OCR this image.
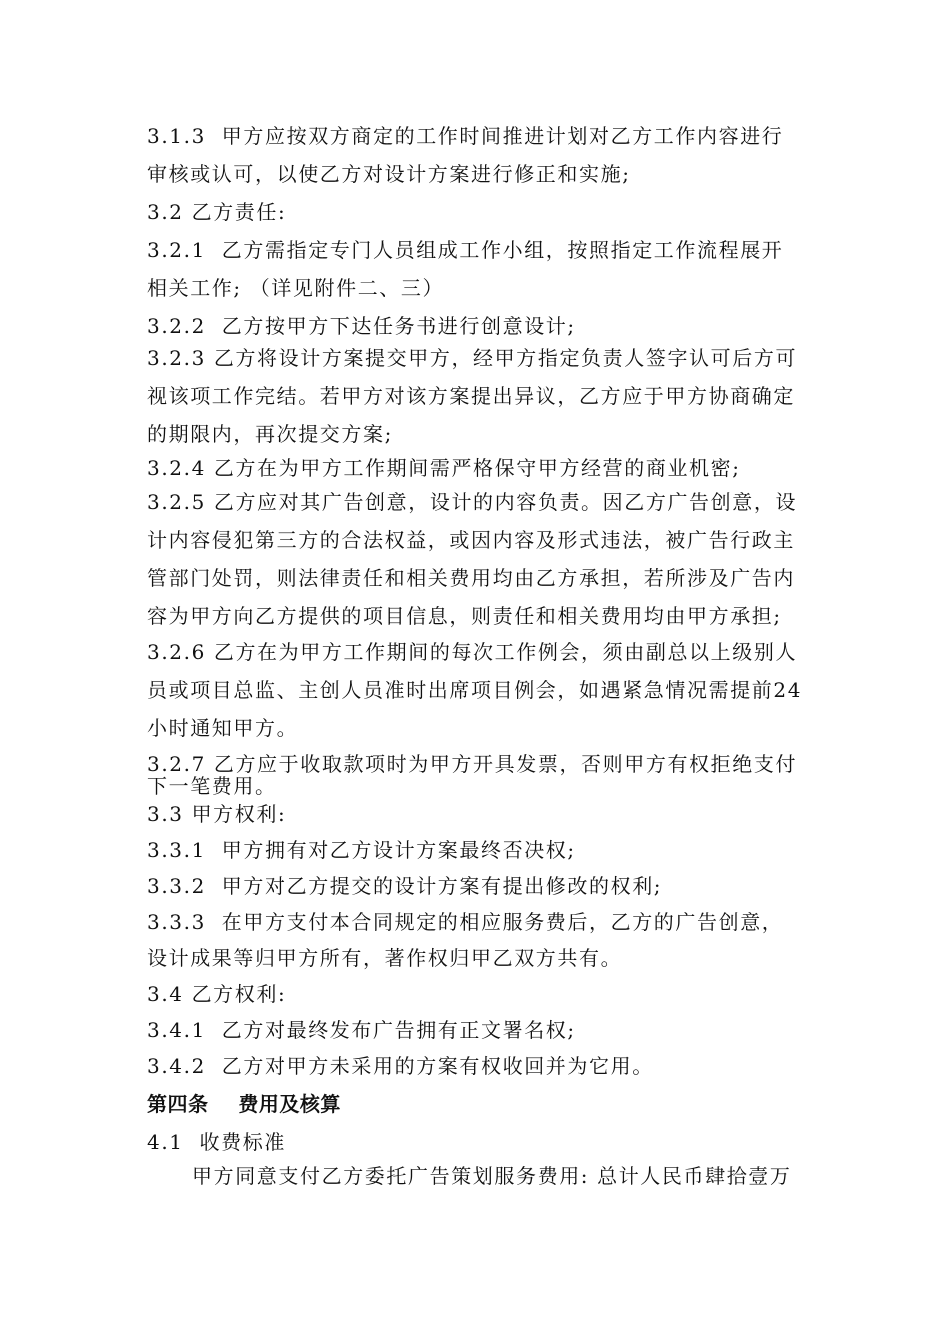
3.1.3  甲方应按双方商定的工作时间推进计划对乙方工作内容进行
审核或认可，以使乙方对设计方案进行修正和实施;
3.2 乙方责任:
3.2.1  乙方需指定专门人员组成工作小组，按照指定工作流程展开
相关工作; （详见附件二、三）
3.2.2  乙方按甲方下达任务书进行创意设计;
3.2.3 乙方将设计方案提交甲方，经甲方指定负责人签字认可后方可
视该项工作完结。若甲方对该方案提出异议，乙方应于甲方协商确定
的期限内，再次提交方案;
3.2.4 乙方在为甲方工作期间需严格保守甲方经营的商业机密;
3.2.5 乙方应对其广告创意，设计的内容负责。因乙方广告创意，设
计内容侵犯第三方的合法权益，或因内容及形式违法，被广告行政主
管部门处罚，则法律责任和相关费用均由乙方承担，若所涉及广告内
容为甲方向乙方提供的项目信息，则责任和相关费用均由甲方承担;
3.2.6 乙方在为甲方工作期间的每次工作例会，须由副总以上级别人
员或项目总监、主创人员准时出席项目例会，如遇紧急情况需提前24
小时通知甲方。
3.2.7 乙方应于收取款项时为甲方开具发票，否则甲方有权拒绝支付
下一笔费用。
3.3 甲方权利:
3.3.1  甲方拥有对乙方设计方案最终否决权;
3.3.2  甲方对乙方提交的设计方案有提出修改的权利;
3.3.3  在甲方支付本合同规定的相应服务费后，乙方的广告创意，
设计成果等归甲方所有，著作权归甲乙双方共有。
3.4 乙方权利:
3.4.1  乙方对最终发布广告拥有正文署名权;
3.4.2  乙方对甲方未采用的方案有权收回并为它用。
第四条    费用及核算
4.1  收费标准
甲方同意支付乙方委托广告策划服务费用: 总计人民币肆拾壹万
